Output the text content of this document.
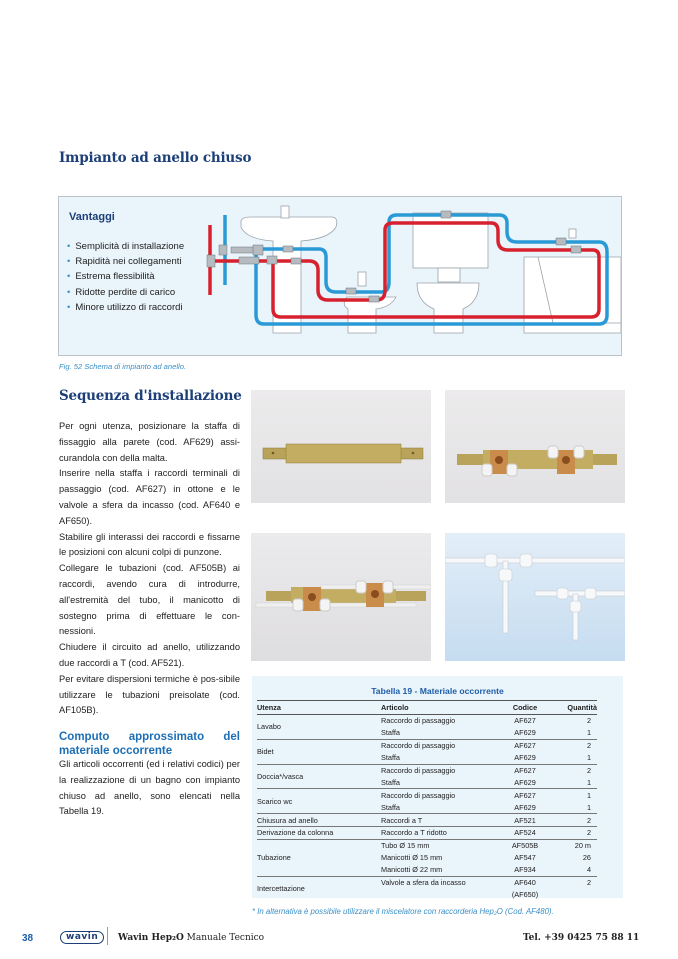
Impianto ad anello chiuso
Vantaggi
• Semplicità di installazione
• Rapidità nei collegamenti
• Estrema flessibilità
• Ridotte perdite di carico
• Minore utilizzo di raccordi
Fig. 52 Schema di impianto ad anello.
Sequenza d'installazione

Per ogni utenza, posizionare la staffa di fissaggio alla parete (cod. AF629) assi-curandola con della malta.

Inserire nella staffa i raccordi terminali di passaggio (cod. AF627) in ottone e le valvole a sfera da incasso (cod. AF640 e AF650).

Stabilire gli interassi dei raccordi e fissarne le posizioni con alcuni colpi di punzone.

Collegare le tubazioni (cod. AF505B) ai raccordi, avendo cura di introdurre, all'estremità del tubo, il manicotto di sostegno prima di effettuare le con-nessioni.

Chiudere il circuito ad anello, utilizzando due raccordi a T (cod. AF521).

Per evitare dispersioni termiche è pos-sibile utilizzare le tubazioni preisolate (cod. AF105B).

Computo approssimato del
materiale occorrente
Gli articoli occorrenti (ed i relativi codici) per la realizzazione di un bagno con impianto chiuso ad anello, sono elencati nella Tabella 19.
Tabella 19 - Materiale occorrente
Utenza	Articolo	Codice	Quantità
Lavabo	Raccordo di passaggio	AF627	2
	Staffa	AF629	1
Bidet	Raccordo di passaggio	AF627	2
	Staffa	AF629	1
Doccia*/vasca	Raccordo di passaggio	AF627	2
	Staffa	AF629	1
Scarico wc	Raccordo di passaggio	AF627	1
	Staffa	AF629	1
Chiusura ad anello	Raccordi a T	AF521	2
Derivazione da colonna	Raccordo a T ridotto	AF524	2
Tubazione	Tubo Ø 15 mm	AF505B	20 m
	Manicotti Ø 15 mm	AF547	26
	Manicotti Ø 22 mm	AF934	4
Intercettazione	Valvole a sfera da incasso	AF640	2
		(AF650)	
* In alternativa è possibile utilizzare il miscelatore con raccorderia Hep₂O (Cod. AF480).
38	wavin	Wavin Hep₂O Manuale Tecnico	Tel. +39 0425 75 88 11
